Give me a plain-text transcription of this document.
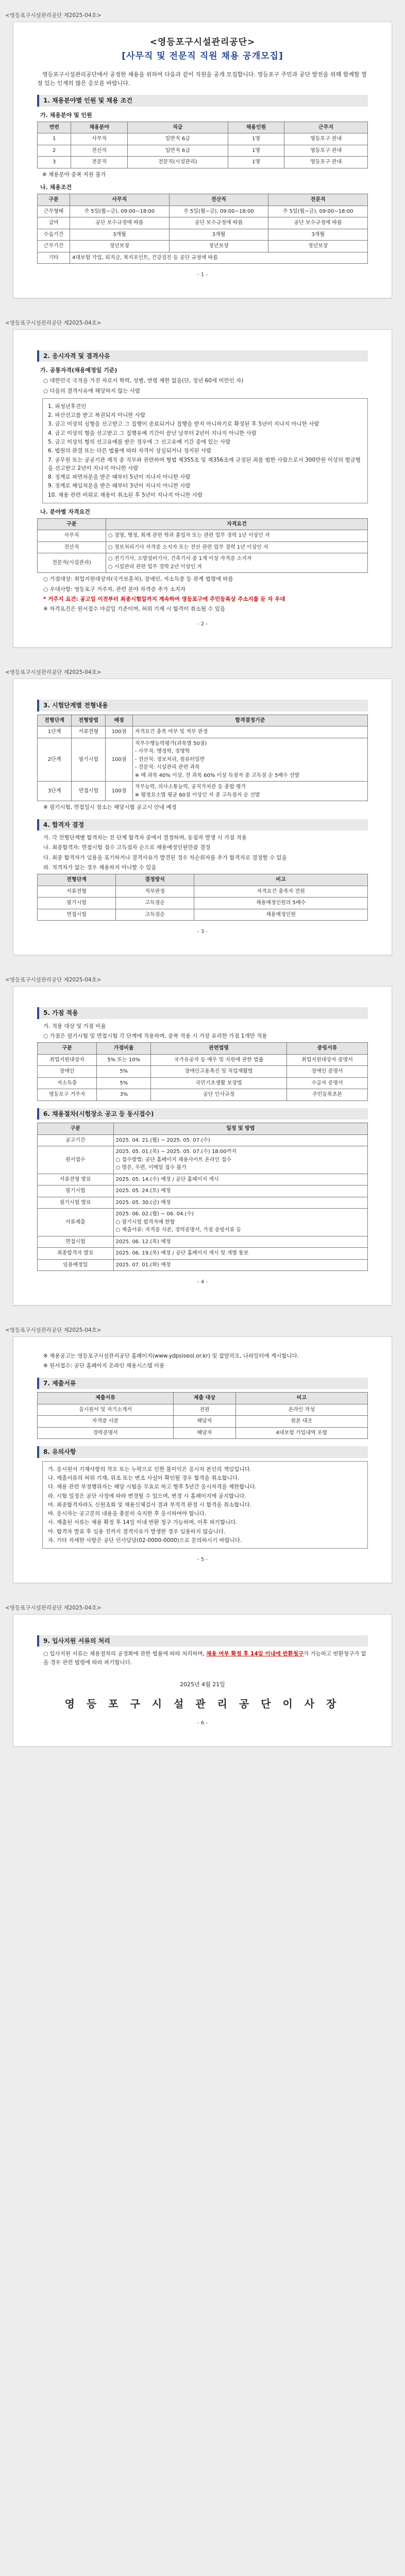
<영등포구시설관리공단 제2025-04호>
<영등포구시설관리공단>
[사무직 및 전문직 직원 채용 공개모집]
영등포구시설관리공단에서 공정한 채용을 위하여 다음과 같이 직원을 공개 모집합니다. 영등포구 주민과 공단 발전을 위해 함께할 열정 있는 인재의 많은 응모를 바랍니다.
1. 채용분야별 인원 및 채용 조건
가. 채용분야 및 인원
연번	채용분야	직급	채용인원	근무지
1	사무직	일반직 6급	1명	영등포구 관내
2	전산직	일반직 6급	1명	영등포구 관내
3	전문직	전문직(시설관리)	1명	영등포구 관내
※ 채용분야 중복 지원 불가
나. 채용조건
구분	사무직	전산직	전문직
근무형태	주 5일(월~금), 09:00~18:00	주 5일(월~금), 09:00~18:00	주 5일(월~금), 09:00~18:00
급여	공단 보수규정에 따름	공단 보수규정에 따름	공단 보수규정에 따름
수습기간	3개월	3개월	3개월
근무기간	정년보장	정년보장	정년보장
기타	4대보험 가입, 퇴직금, 복지포인트, 건강검진 등 공단 규정에 따름		
- 1 -
<영등포구시설관리공단 제2025-04호>
2. 응시자격 및 결격사유
가. 공통자격(채용예정일 기준)
○ 대한민국 국적을 가진 자로서 학력, 성별, 연령 제한 없음(단, 정년 60세 미만인 자)
○ 다음의 결격사유에 해당하지 않는 사람
1. 피성년후견인
2. 파산선고를 받고 복권되지 아니한 사람
3. 금고 이상의 실형을 선고받고 그 집행이 종료되거나 집행을 받지 아니하기로 확정된 후 5년이 지나지 아니한 사람
4. 금고 이상의 형을 선고받고 그 집행유예 기간이 끝난 날부터 2년이 지나지 아니한 사람
5. 금고 이상의 형의 선고유예를 받은 경우에 그 선고유예 기간 중에 있는 사람
6. 법원의 판결 또는 다른 법률에 따라 자격이 상실되거나 정지된 사람
7. 공무원 또는 공공기관 재직 중 직무와 관련하여 형법 제355조 및 제356조에 규정된 죄를 범한 사람으로서 300만원 이상의 벌금형을 선고받고 2년이 지나지 아니한 사람
8. 징계로 파면처분을 받은 때부터 5년이 지나지 아니한 사람
9. 징계로 해임처분을 받은 때부터 3년이 지나지 아니한 사람
10. 채용 관련 비위로 채용이 취소된 후 5년이 지나지 아니한 사람
나. 분야별 자격요건
구분	자격요건
사무직	○ 경영, 행정, 회계 관련 학과 졸업자 또는 관련 업무 경력 1년 이상인 자
전산직	○ 정보처리기사 자격증 소지자 또는 전산 관련 업무 경력 1년 이상인 자
전문직(시설관리)	○ 전기기사, 소방설비기사, 건축기사 중 1개 이상 자격증 소지자
○ 시설관리 관련 업무 경력 2년 이상인 자
○ 가점대상: 취업지원대상자(국가보훈처), 장애인, 저소득층 등 관계 법령에 따름
○ 우대사항: 영등포구 거주자, 관련 분야 자격증 추가 소지자
* 거주지 요건: 공고일 이전부터 최종시험일까지 계속하여 영등포구에 주민등록상 주소지를 둔 자 우대
※ 자격요건은 원서접수 마감일 기준이며, 허위 기재 시 합격이 취소될 수 있음
- 2 -
<영등포구시설관리공단 제2025-04호>
3. 시험단계별 전형내용
전형단계	전형방법	배점	합격결정기준
1단계	서류전형	100점	자격요건 충족 여부 및 적부 판정
2단계	필기시험	100점	직무수행능력평가(과목별 50점)
- 사무직: 행정학, 경영학
- 전산직: 정보처리, 컴퓨터일반
- 전문직: 시설관리 관련 과목
※ 매 과목 40% 이상, 전 과목 60% 이상 득점자 중 고득점 순 5배수 선발
3단계	면접시험	100점	직무능력, 의사소통능력, 공직가치관 등 종합 평가
※ 평정요소별 평균 60점 이상인 자 중 고득점자 순 선발
※ 필기시험, 면접일시 장소는 해당시험 공고시 안내 예정
4. 합격자 결정
가. 각 전형단계별 합격자는 전 단계 합격자 중에서 결정하며, 동점자 발생 시 가점 적용
나. 최종합격자: 면접시험 점수 고득점자 순으로 채용예정인원만큼 결정
다. 최종 합격자가 임용을 포기하거나 결격사유가 발견된 경우 차순위자를 추가 합격자로 결정할 수 있음
라. 적격자가 없는 경우 채용하지 아니할 수 있음
전형단계	결정방식	비고
서류전형	적부판정	자격요건 충족자 전원
필기시험	고득점순	채용예정인원의 5배수
면접시험	고득점순	채용예정인원
- 3 -
<영등포구시설관리공단 제2025-04호>
5. 가점 적용
가. 적용 대상 및 가점 비율
○ 가점은 필기시험 및 면접시험 각 단계에 적용하며, 중복 적용 시 가장 유리한 가점 1개만 적용
구분	가점비율	관련법령	증빙서류
취업지원대상자	5% 또는 10%	국가유공자 등 예우 및 지원에 관한 법률	취업지원대상자 증명서
장애인	5%	장애인고용촉진 및 직업재활법	장애인 증명서
저소득층	5%	국민기초생활 보장법	수급자 증명서
영등포구 거주자	3%	공단 인사규정	주민등록초본
6. 채용절차(시험장소 공고 등 동시접수)
구분	일정 및 방법
공고기간	2025. 04. 21.(월) ~ 2025. 05. 07.(수)
원서접수	2025. 05. 01.(목) ~ 2025. 05. 07.(수) 18:00까지
○ 접수방법: 공단 홈페이지 채용사이트 온라인 접수
○ 방문, 우편, 이메일 접수 불가
서류전형 발표	2025. 05. 14.(수) 예정 / 공단 홈페이지 게시
필기시험	2025. 05. 24.(토) 예정
필기시험 발표	2025. 05. 30.(금) 예정
서류제출	2025. 06. 02.(월) ~ 06. 04.(수)
○ 필기시험 합격자에 한함
○ 제출서류: 자격증 사본, 경력증명서, 가점 증빙서류 등
면접시험	2025. 06. 12.(목) 예정
최종합격자 발표	2025. 06. 19.(목) 예정 / 공단 홈페이지 게시 및 개별 통보
임용예정일	2025. 07. 01.(화) 예정
- 4 -
<영등포구시설관리공단 제2025-04호>
※ 채용공고는 영등포구시설관리공단 홈페이지(www.ydpsiseol.or.kr) 및 잡알리오, 나라일터에 게시합니다.
※ 원서접수: 공단 홈페이지 온라인 채용시스템 이용
7. 제출서류
제출서류	제출 대상	비고
응시원서 및 자기소개서	전원	온라인 작성
자격증 사본	해당자	원본 대조
경력증명서	해당자	4대보험 가입내역 포함
8. 유의사항
가. 응시원서 기재사항의 착오 또는 누락으로 인한 불이익은 응시자 본인의 책임입니다.
나. 제출서류의 허위 기재, 위조 또는 변조 사실이 확인될 경우 합격을 취소합니다.
다. 채용 관련 부정행위자는 해당 시험을 무효로 하고 향후 5년간 응시자격을 제한합니다.
라. 시험 일정은 공단 사정에 따라 변경될 수 있으며, 변경 시 홈페이지에 공지합니다.
마. 최종합격자라도 신원조회 및 채용신체검사 결과 부적격 판정 시 합격을 취소합니다.
바. 응시자는 공고문의 내용을 충분히 숙지한 후 응시하여야 합니다.
사. 제출된 서류는 채용 확정 후 14일 이내 반환 청구 가능하며, 이후 파기합니다.
아. 합격자 발표 후 임용 전까지 결격사유가 발생한 경우 임용하지 않습니다.
자. 기타 자세한 사항은 공단 인사담당(02-0000-0000)으로 문의하시기 바랍니다.
- 5 -
<영등포구시설관리공단 제2025-04호>
9. 입사지원 서류의 처리
○ 입사지원 서류는 채용절차의 공정화에 관한 법률에 따라 처리하며, 채용 여부 확정 후 14일 이내에 반환청구가 가능하고 반환청구가 없을 경우 관련 법령에 따라 파기합니다.
2025년 4월 21일
영 등 포 구 시 설 관 리 공 단 이 사 장
- 6 -
